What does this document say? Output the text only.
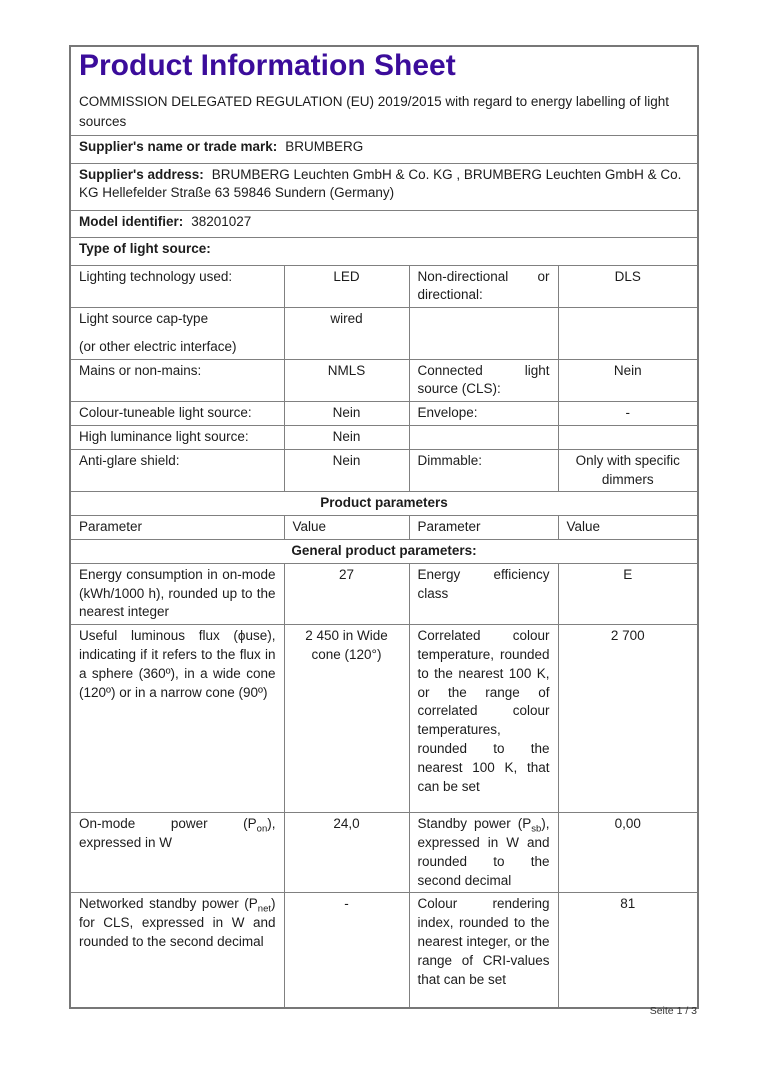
Product Information Sheet
COMMISSION DELEGATED REGULATION (EU) 2019/2015 with regard to energy labelling of light sources			

Supplier's name or trade mark: BRUMBERG			
Supplier's address: BRUMBERG Leuchten GmbH & Co. KG , BRUMBERG Leuchten GmbH & Co. KG Hellefelder Straße 63 59846 Sundern (Germany)			
Model identifier: 38201027			
Type of light source:			
Lighting technology used:	LED	Non-directional or directional:	DLS

Light source cap-type
(or other electric interface)	wired		
Mains or non-mains:	NMLS	Connected light source (CLS):	Nein
Colour-tuneable light source:	Nein	Envelope:	-
High luminance light source:	Nein		
Anti-glare shield:	Nein	Dimmable:	Only with specific dimmers
Product parameters			
Parameter	Value	Parameter	Value
General product parameters:			
Energy consumption in on-mode (kWh/1000 h), rounded up to the nearest integer	27	Energy efficiency class	E
Useful luminous flux (ϕuse), indicating if it refers to the flux in a sphere (360º), in a wide cone (120º) or in a narrow cone (90º)	2 450 in Wide cone (120°)	Correlated colour temperature, rounded to the nearest 100 K, or the range of correlated colour temperatures, rounded to the nearest 100 K, that can be set	2 700
On-mode power $(P_{on})$, expressed in W	24,0	Standby power $(P_{sb})$, expressed in W and rounded to the second decimal	0,00
Networked standby power $(P_{net})$ for CLS, expressed in W and rounded to the second decimal	-	Colour rendering index, rounded to the nearest integer, or the range of CRI-values that can be set	81
Seite 1 / 3
